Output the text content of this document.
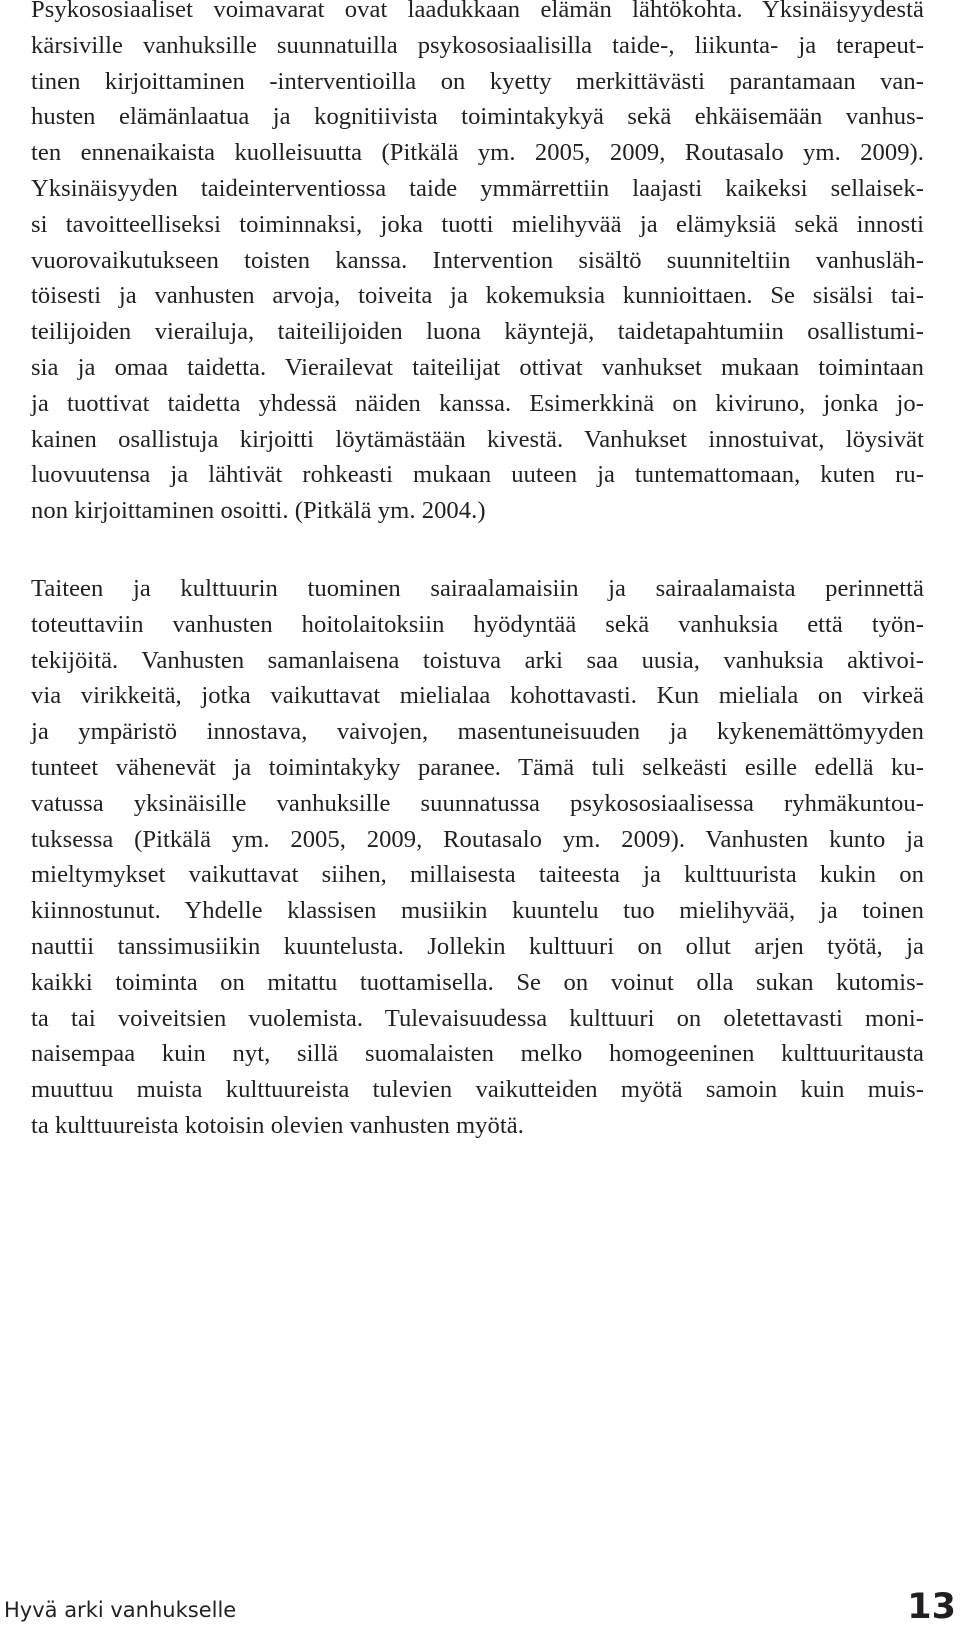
Psykososiaaliset voimavarat ovat laadukkaan elämän lähtökohta. Yksinäisyydestä
kärsiville vanhuksille suunnatuilla psykososiaalisilla taide-, liikunta- ja terapeut-
tinen kirjoittaminen -interventioilla on kyetty merkittävästi parantamaan van-
husten elämänlaatua ja kognitiivista toimintakykyä sekä ehkäisemään vanhus-
ten ennenaikaista kuolleisuutta (Pitkälä ym. 2005, 2009, Routasalo ym. 2009).
Yksinäisyyden taideinterventiossa taide ymmärrettiin laajasti kaikeksi sellaisek-
si tavoitteelliseksi toiminnaksi, joka tuotti mielihyvää ja elämyksiä sekä innosti
vuorovaikutukseen toisten kanssa. Intervention sisältö suunniteltiin vanhusläh-
töisesti ja vanhusten arvoja, toiveita ja kokemuksia kunnioittaen. Se sisälsi tai-
teilijoiden vierailuja, taiteilijoiden luona käyntejä, taidetapahtumiin osallistumi-
sia ja omaa taidetta. Vierailevat taiteilijat ottivat vanhukset mukaan toimintaan
ja tuottivat taidetta yhdessä näiden kanssa. Esimerkkinä on kiviruno, jonka jo-
kainen osallistuja kirjoitti löytämästään kivestä. Vanhukset innostuivat, löysivät
luovuutensa ja lähtivät rohkeasti mukaan uuteen ja tuntemattomaan, kuten ru-
non kirjoittaminen osoitti. (Pitkälä ym. 2004.)
Taiteen ja kulttuurin tuominen sairaalamaisiin ja sairaalamaista perinnettä
toteuttaviin vanhusten hoitolaitoksiin hyödyntää sekä vanhuksia että työn-
tekijöitä. Vanhusten samanlaisena toistuva arki saa uusia, vanhuksia aktivoi-
via virikkeitä, jotka vaikuttavat mielialaa kohottavasti. Kun mieliala on virkeä
ja ympäristö innostava, vaivojen, masentuneisuuden ja kykenemättömyyden
tunteet vähenevät ja toimintakyky paranee. Tämä tuli selkeästi esille edellä ku-
vatussa yksinäisille vanhuksille suunnatussa psykososiaalisessa ryhmäkuntou-
tuksessa (Pitkälä ym. 2005, 2009, Routasalo ym. 2009). Vanhusten kunto ja
mieltymykset vaikuttavat siihen, millaisesta taiteesta ja kulttuurista kukin on
kiinnostunut. Yhdelle klassisen musiikin kuuntelu tuo mielihyvää, ja toinen
nauttii tanssimusiikin kuuntelusta. Jollekin kulttuuri on ollut arjen työtä, ja
kaikki toiminta on mitattu tuottamisella. Se on voinut olla sukan kutomis-
ta tai voiveitsien vuolemista. Tulevaisuudessa kulttuuri on oletettavasti moni-
naisempaa kuin nyt, sillä suomalaisten melko homogeeninen kulttuuritausta
muuttuu muista kulttuureista tulevien vaikutteiden myötä samoin kuin muis-
ta kulttuureista kotoisin olevien vanhusten myötä.
Hyvä arki vanhukselle	13
